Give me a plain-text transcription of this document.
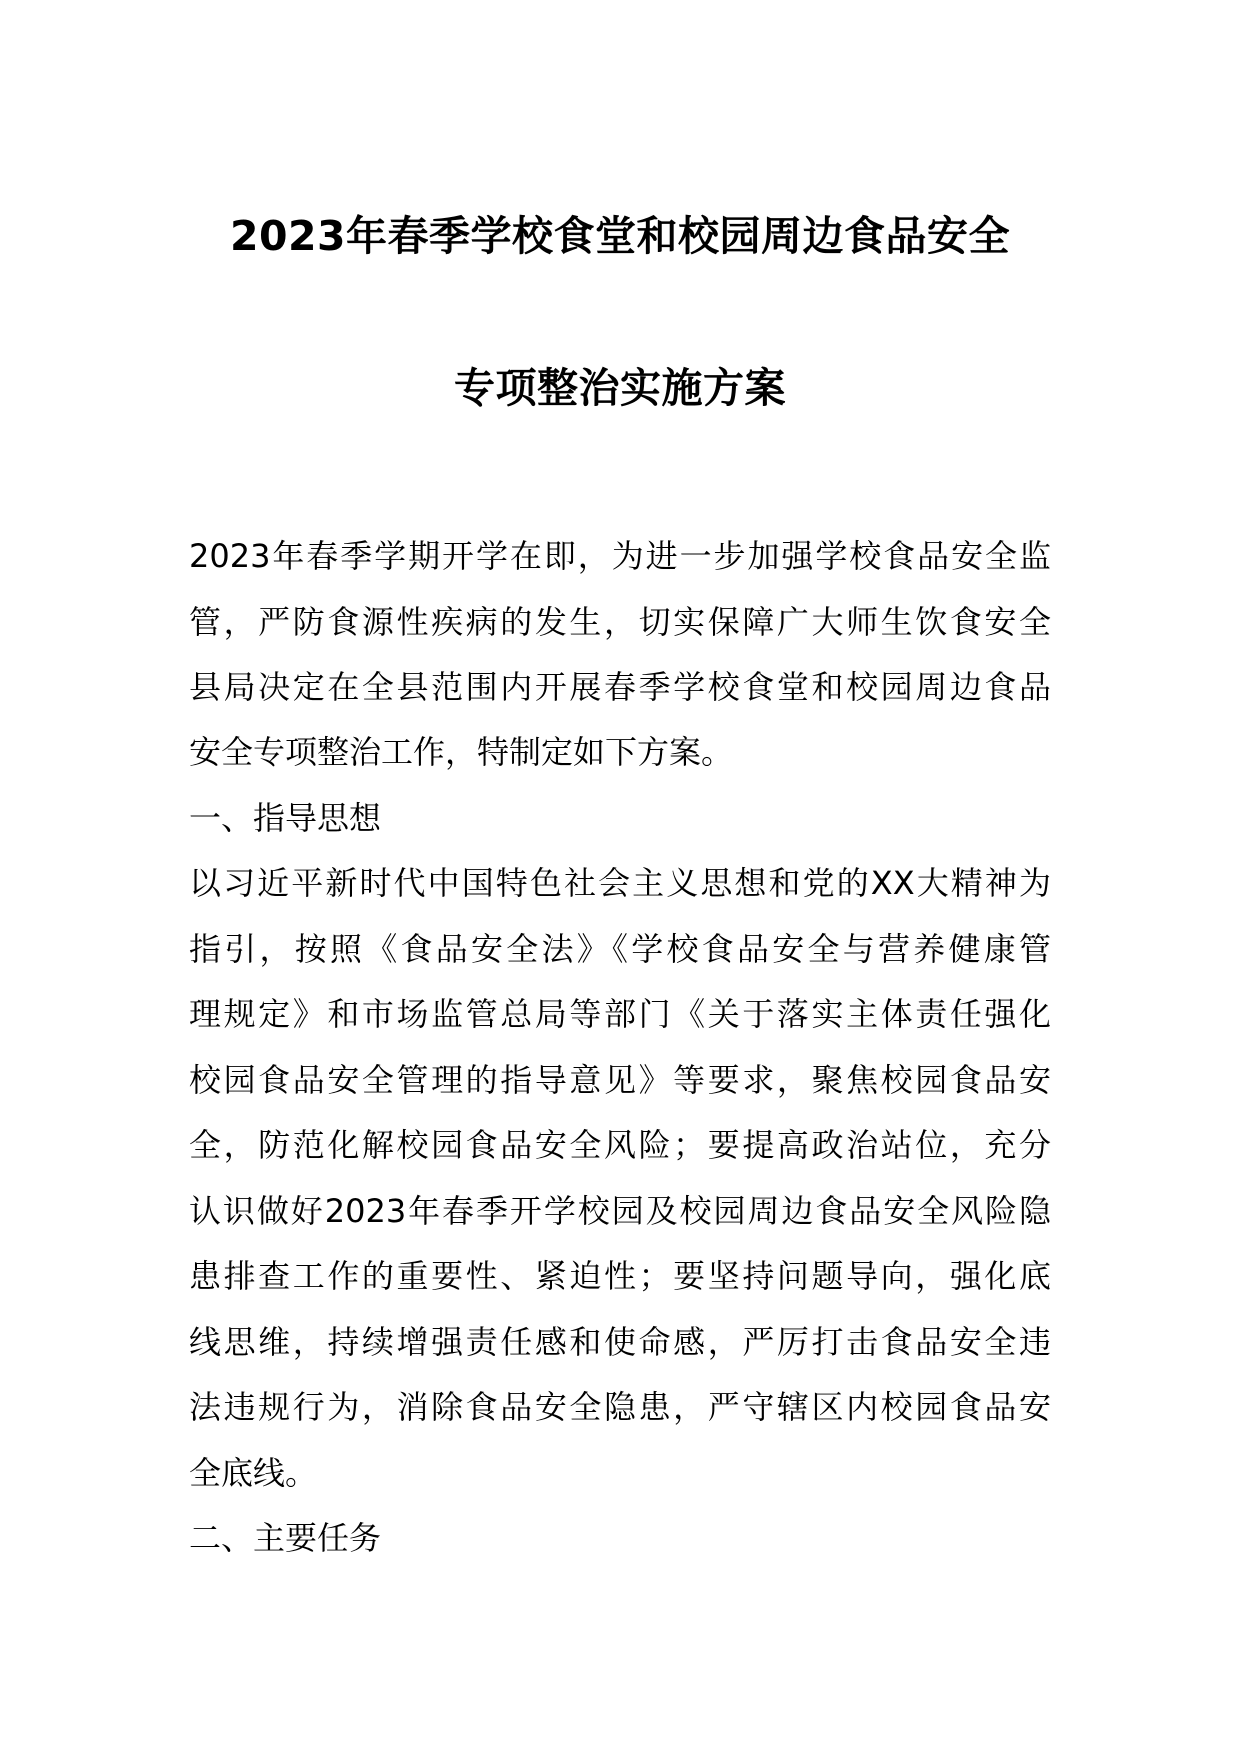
2023年春季学校食堂和校园周边食品安全
专项整治实施方案
2023年春季学期开学在即，为进一步加强学校食品安全监
管，严防食源性疾病的发生，切实保障广大师生饮食安全
县局决定在全县范围内开展春季学校食堂和校园周边食品
安全专项整治工作，特制定如下方案。
一、指导思想
以习近平新时代中国特色社会主义思想和党的XX大精神为
指引，按照《食品安全法》《学校食品安全与营养健康管
理规定》和市场监管总局等部门《关于落实主体责任强化
校园食品安全管理的指导意见》等要求，聚焦校园食品安
全，防范化解校园食品安全风险；要提高政治站位，充分
认识做好2023年春季开学校园及校园周边食品安全风险隐
患排查工作的重要性、紧迫性；要坚持问题导向，强化底
线思维，持续增强责任感和使命感，严厉打击食品安全违
法违规行为，消除食品安全隐患，严守辖区内校园食品安
全底线。
二、主要任务
